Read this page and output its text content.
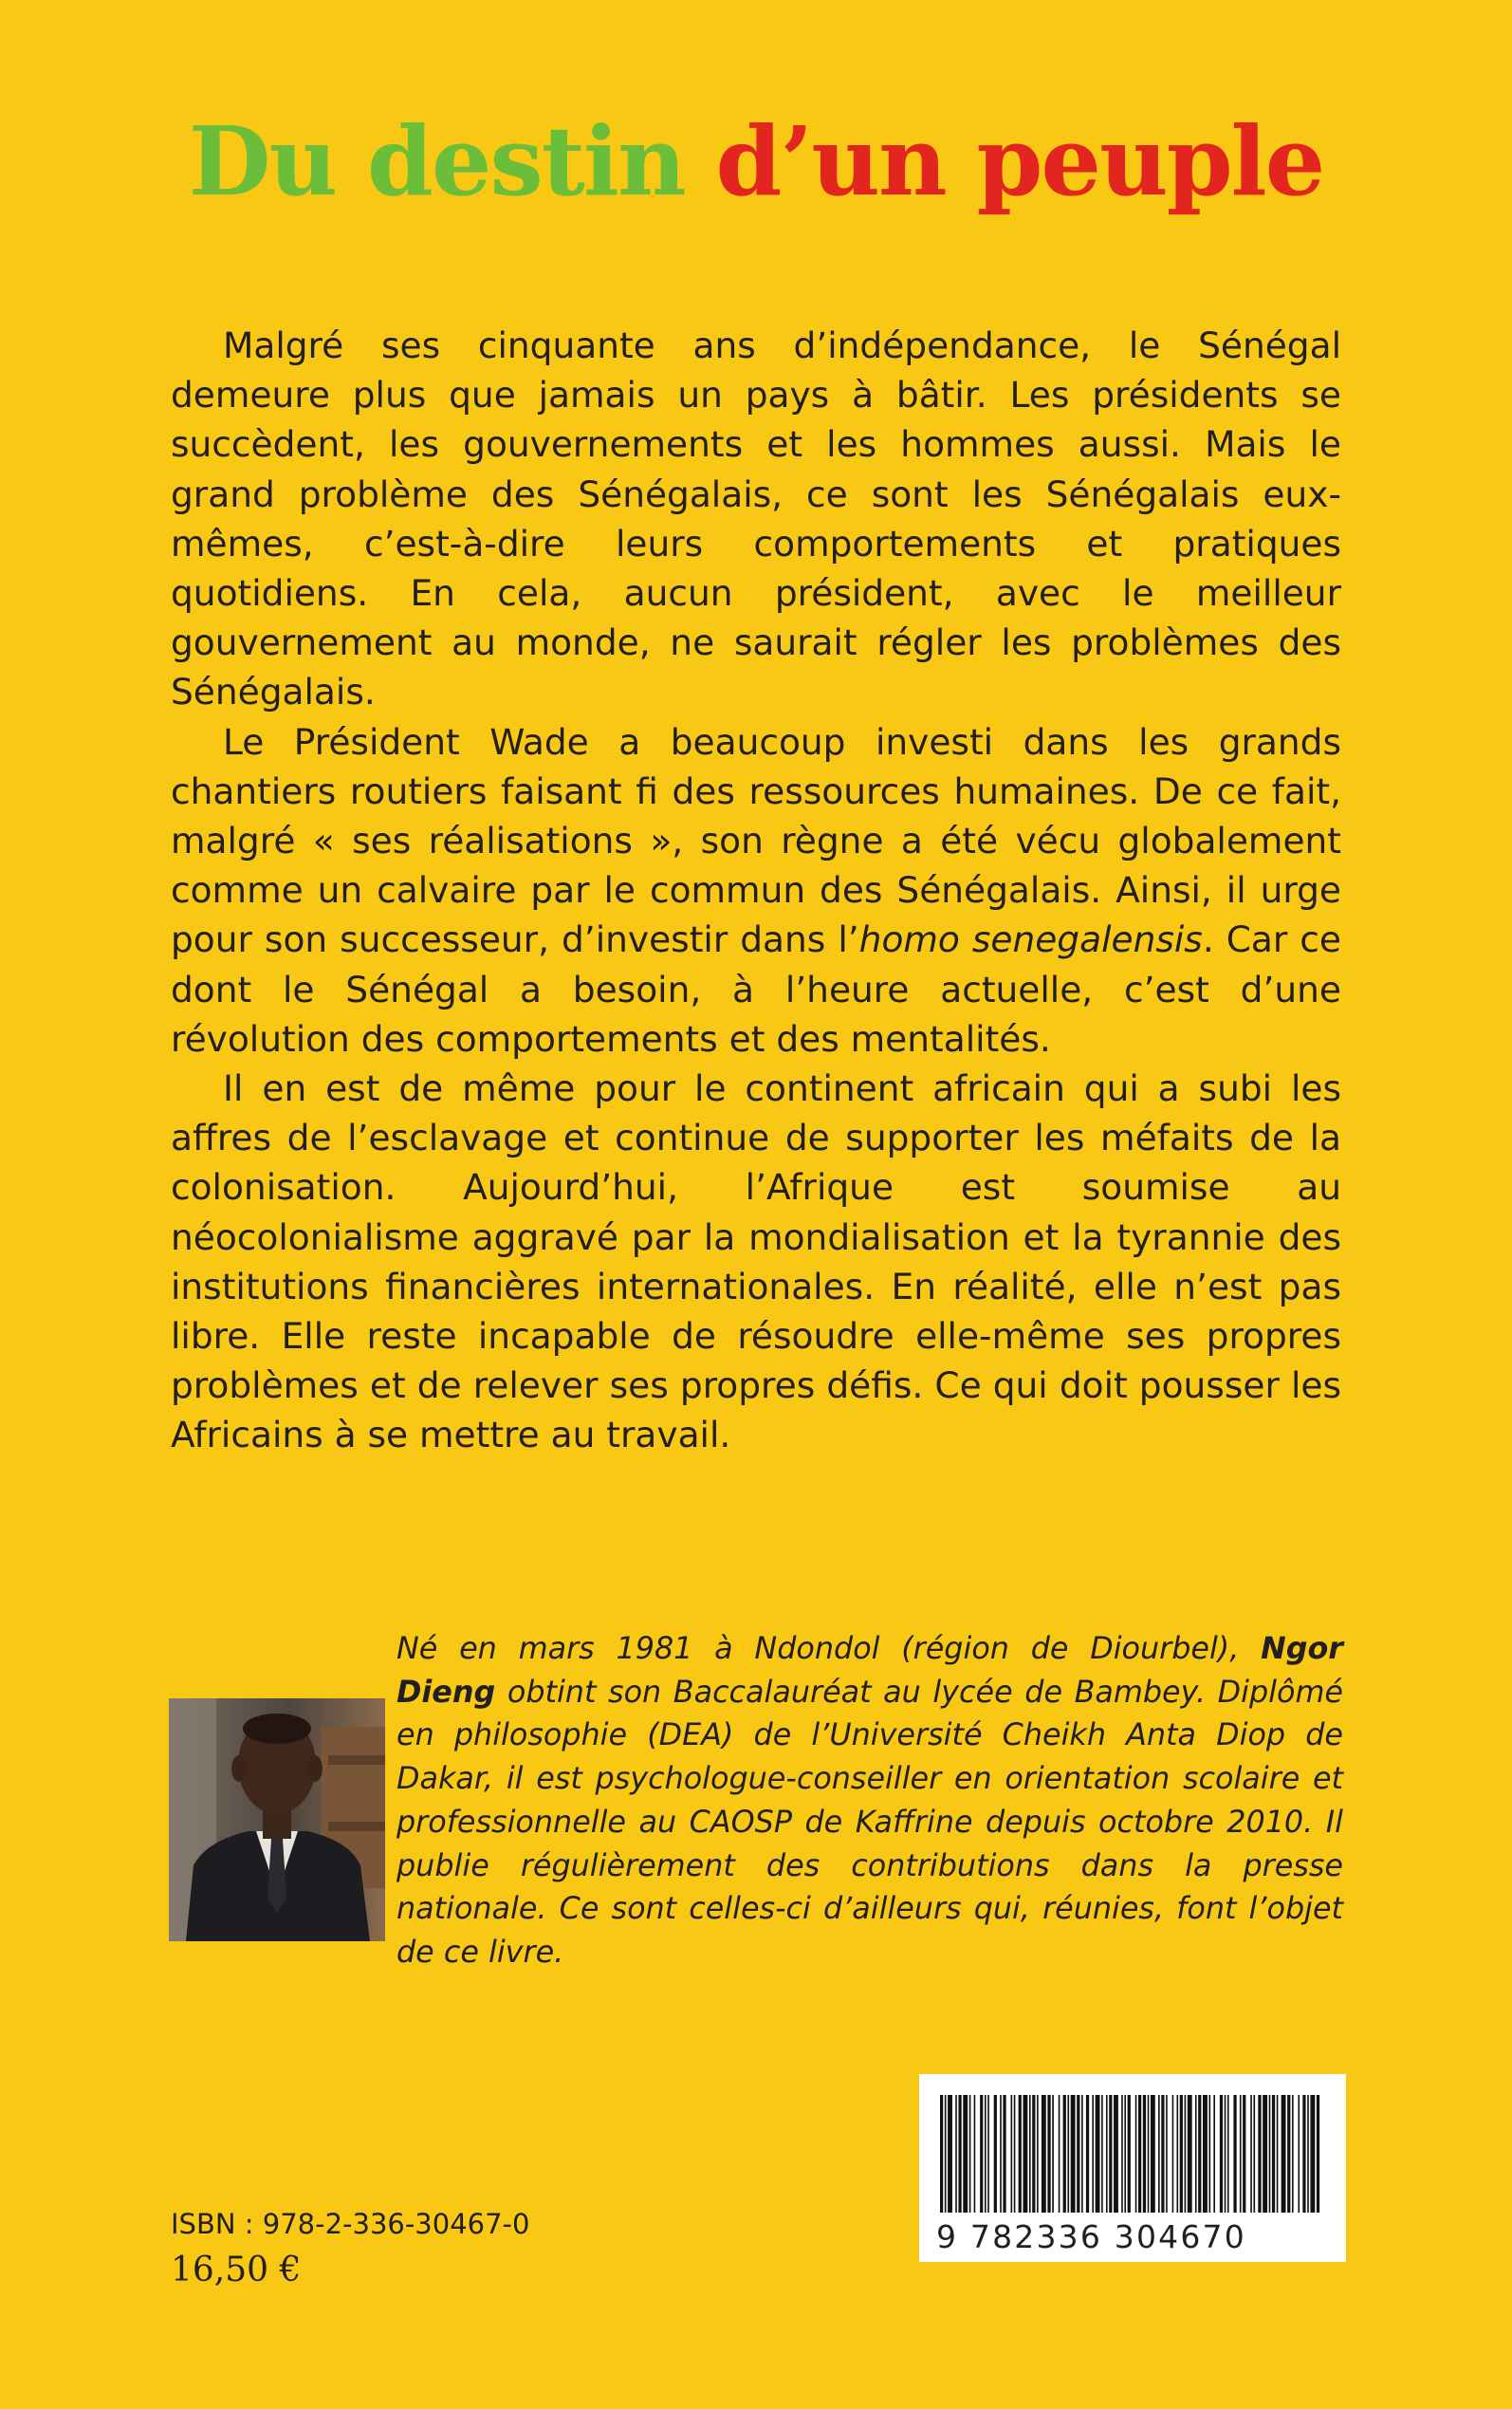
Du destin d’un peuple

Malgré ses cinquante ans d’indépendance, le Sénégal demeure plus que jamais un pays à bâtir. Les présidents se succèdent, les gouvernements et les hommes aussi. Mais le grand problème des Sénégalais, ce sont les Sénégalais eux-mêmes, c’est-à-dire leurs comportements et pratiques quotidiens. En cela, aucun président, avec le meilleur gouvernement au monde, ne saurait régler les problèmes des Sénégalais.

Le Président Wade a beaucoup investi dans les grands chantiers routiers faisant fi des ressources humaines. De ce fait, malgré « ses réalisations », son règne a été vécu globalement comme un calvaire par le commun des Sénégalais. Ainsi, il urge pour son successeur, d’investir dans l’homo senegalensis. Car ce dont le Sénégal a besoin, à l’heure actuelle, c’est d’une révolution des comportements et des mentalités.

Il en est de même pour le continent africain qui a subi les affres de l’esclavage et continue de supporter les méfaits de la colonisation. Aujourd’hui, l’Afrique est soumise au néocolonialisme aggravé par la mondialisation et la tyrannie des institutions financières internationales. En réalité, elle n’est pas libre. Elle reste incapable de résoudre elle-même ses propres problèmes et de relever ses propres défis. Ce qui doit pousser les Africains à se mettre au travail.

Né en mars 1981 à Ndondol (région de Diourbel), Ngor Dieng obtint son Baccalauréat au lycée de Bambey. Diplômé en philosophie (DEA) de l’Université Cheikh Anta Diop de Dakar, il est psychologue-conseiller en orientation scolaire et professionnelle au CAOSP de Kaffrine depuis octobre 2010. Il publie régulièrement des contributions dans la presse nationale. Ce sont celles-ci d’ailleurs qui, réunies, font l’objet de ce livre.

9 782336 304670
ISBN : 978-2-336-30467-0
16,50 €
